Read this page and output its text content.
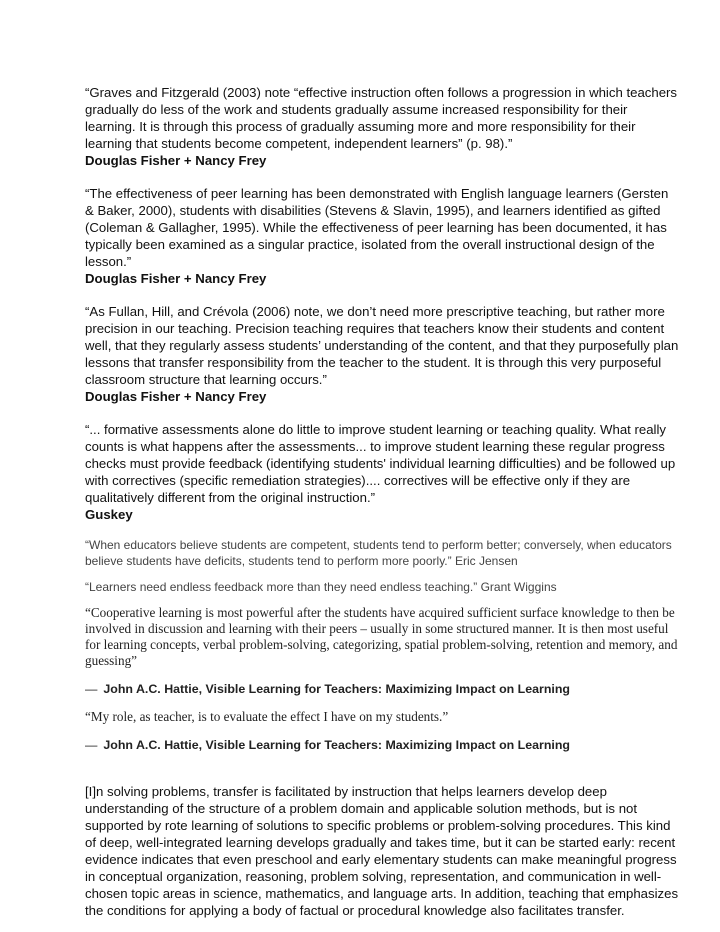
“Graves and Fitzgerald (2003) note “effective instruction often follows a progression in which teachers gradually do less of the work and students gradually assume increased responsibility for their learning. It is through this process of gradually assuming more and more responsibility for their learning that students become competent, independent learners” (p. 98).”

Douglas Fisher + Nancy Frey

“The effectiveness of peer learning has been demonstrated with English language learners (Gersten & Baker, 2000), students with disabilities (Stevens & Slavin, 1995), and learners identified as gifted (Coleman & Gallagher, 1995). While the effectiveness of peer learning has been documented, it has typically been examined as a singular practice, isolated from the overall instructional design of the lesson.”

Douglas Fisher + Nancy Frey

“As Fullan, Hill, and Crévola (2006) note, we don’t need more prescriptive teaching, but rather more precision in our teaching. Precision teaching requires that teachers know their students and content well, that they regularly assess students’ understanding of the content, and that they purposefully plan lessons that transfer responsibility from the teacher to the student. It is through this very purposeful classroom structure that learning occurs.”

Douglas Fisher + Nancy Frey

“... formative assessments alone do little to improve student learning or teaching quality. What really counts is what happens after the assessments... to improve student learning these regular progress checks must provide feedback (identifying students' individual learning difficulties) and be followed up with correctives (specific remediation strategies).... correctives will be effective only if they are qualitatively different from the original instruction.”

Guskey

“When educators believe students are competent, students tend to perform better; conversely, when educators believe students have deficits, students tend to perform more poorly.” Eric Jensen

“Learners need endless feedback more than they need endless teaching.” Grant Wiggins

“Cooperative learning is most powerful after the students have acquired sufficient surface knowledge to then be involved in discussion and learning with their peers – usually in some structured manner. It is then most useful for learning concepts, verbal problem-solving, categorizing, spatial problem-solving, retention and memory, and guessing”

― John A.C. Hattie, Visible Learning for Teachers: Maximizing Impact on Learning

“My role, as teacher, is to evaluate the effect I have on my students.”

― John A.C. Hattie, Visible Learning for Teachers: Maximizing Impact on Learning

[I]n solving problems, transfer is facilitated by instruction that helps learners develop deep understanding of the structure of a problem domain and applicable solution methods, but is not supported by rote learning of solutions to specific problems or problem-solving procedures. This kind of deep, well-integrated learning develops gradually and takes time, but it can be started early: recent evidence indicates that even preschool and early elementary students can make meaningful progress in conceptual organization, reasoning, problem solving, representation, and communication in well-chosen topic areas in science, mathematics, and language arts. In addition, teaching that emphasizes the conditions for applying a body of factual or procedural knowledge also facilitates transfer.
